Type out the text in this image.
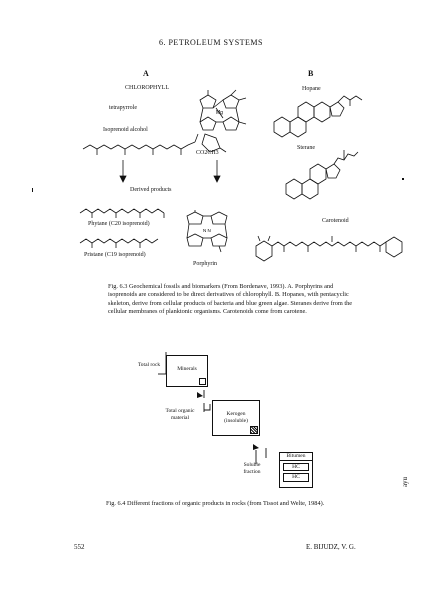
6. PETROLEUM SYSTEMS
A	B
CHLOROPHYLL
tetrapyrrole
Isoprenoid alcohol
CO2CH3
Mg
Derived products
Phytane (C20 isoprenoid)
Pristane (C19 isoprenoid)
N N
Porphyrin
Hopane
Sterane
Carotenoid
Fig. 6.3 Geochemical fossils and biomarkers (From Bordenave, 1993). A. Porphyrins and isoprenoids are considered to be direct derivatives of chlorophyll. B. Hopanes, with pentacyclic skeleton, derive from cellular products of bacteria and blue green algae. Steranes derive from the cellular membranes of planktonic organisms. Carotenoids come from carotene.
Total rock
Minerals
Total organic material
Kerogen (insoluble)
Soluble fraction
Bitumen
HC
HC
Fig. 6.4 Different fractions of organic products in rocks (from Tissot and Welte, 1984).
ayu
552	E. BIJUDZ, V. G.
